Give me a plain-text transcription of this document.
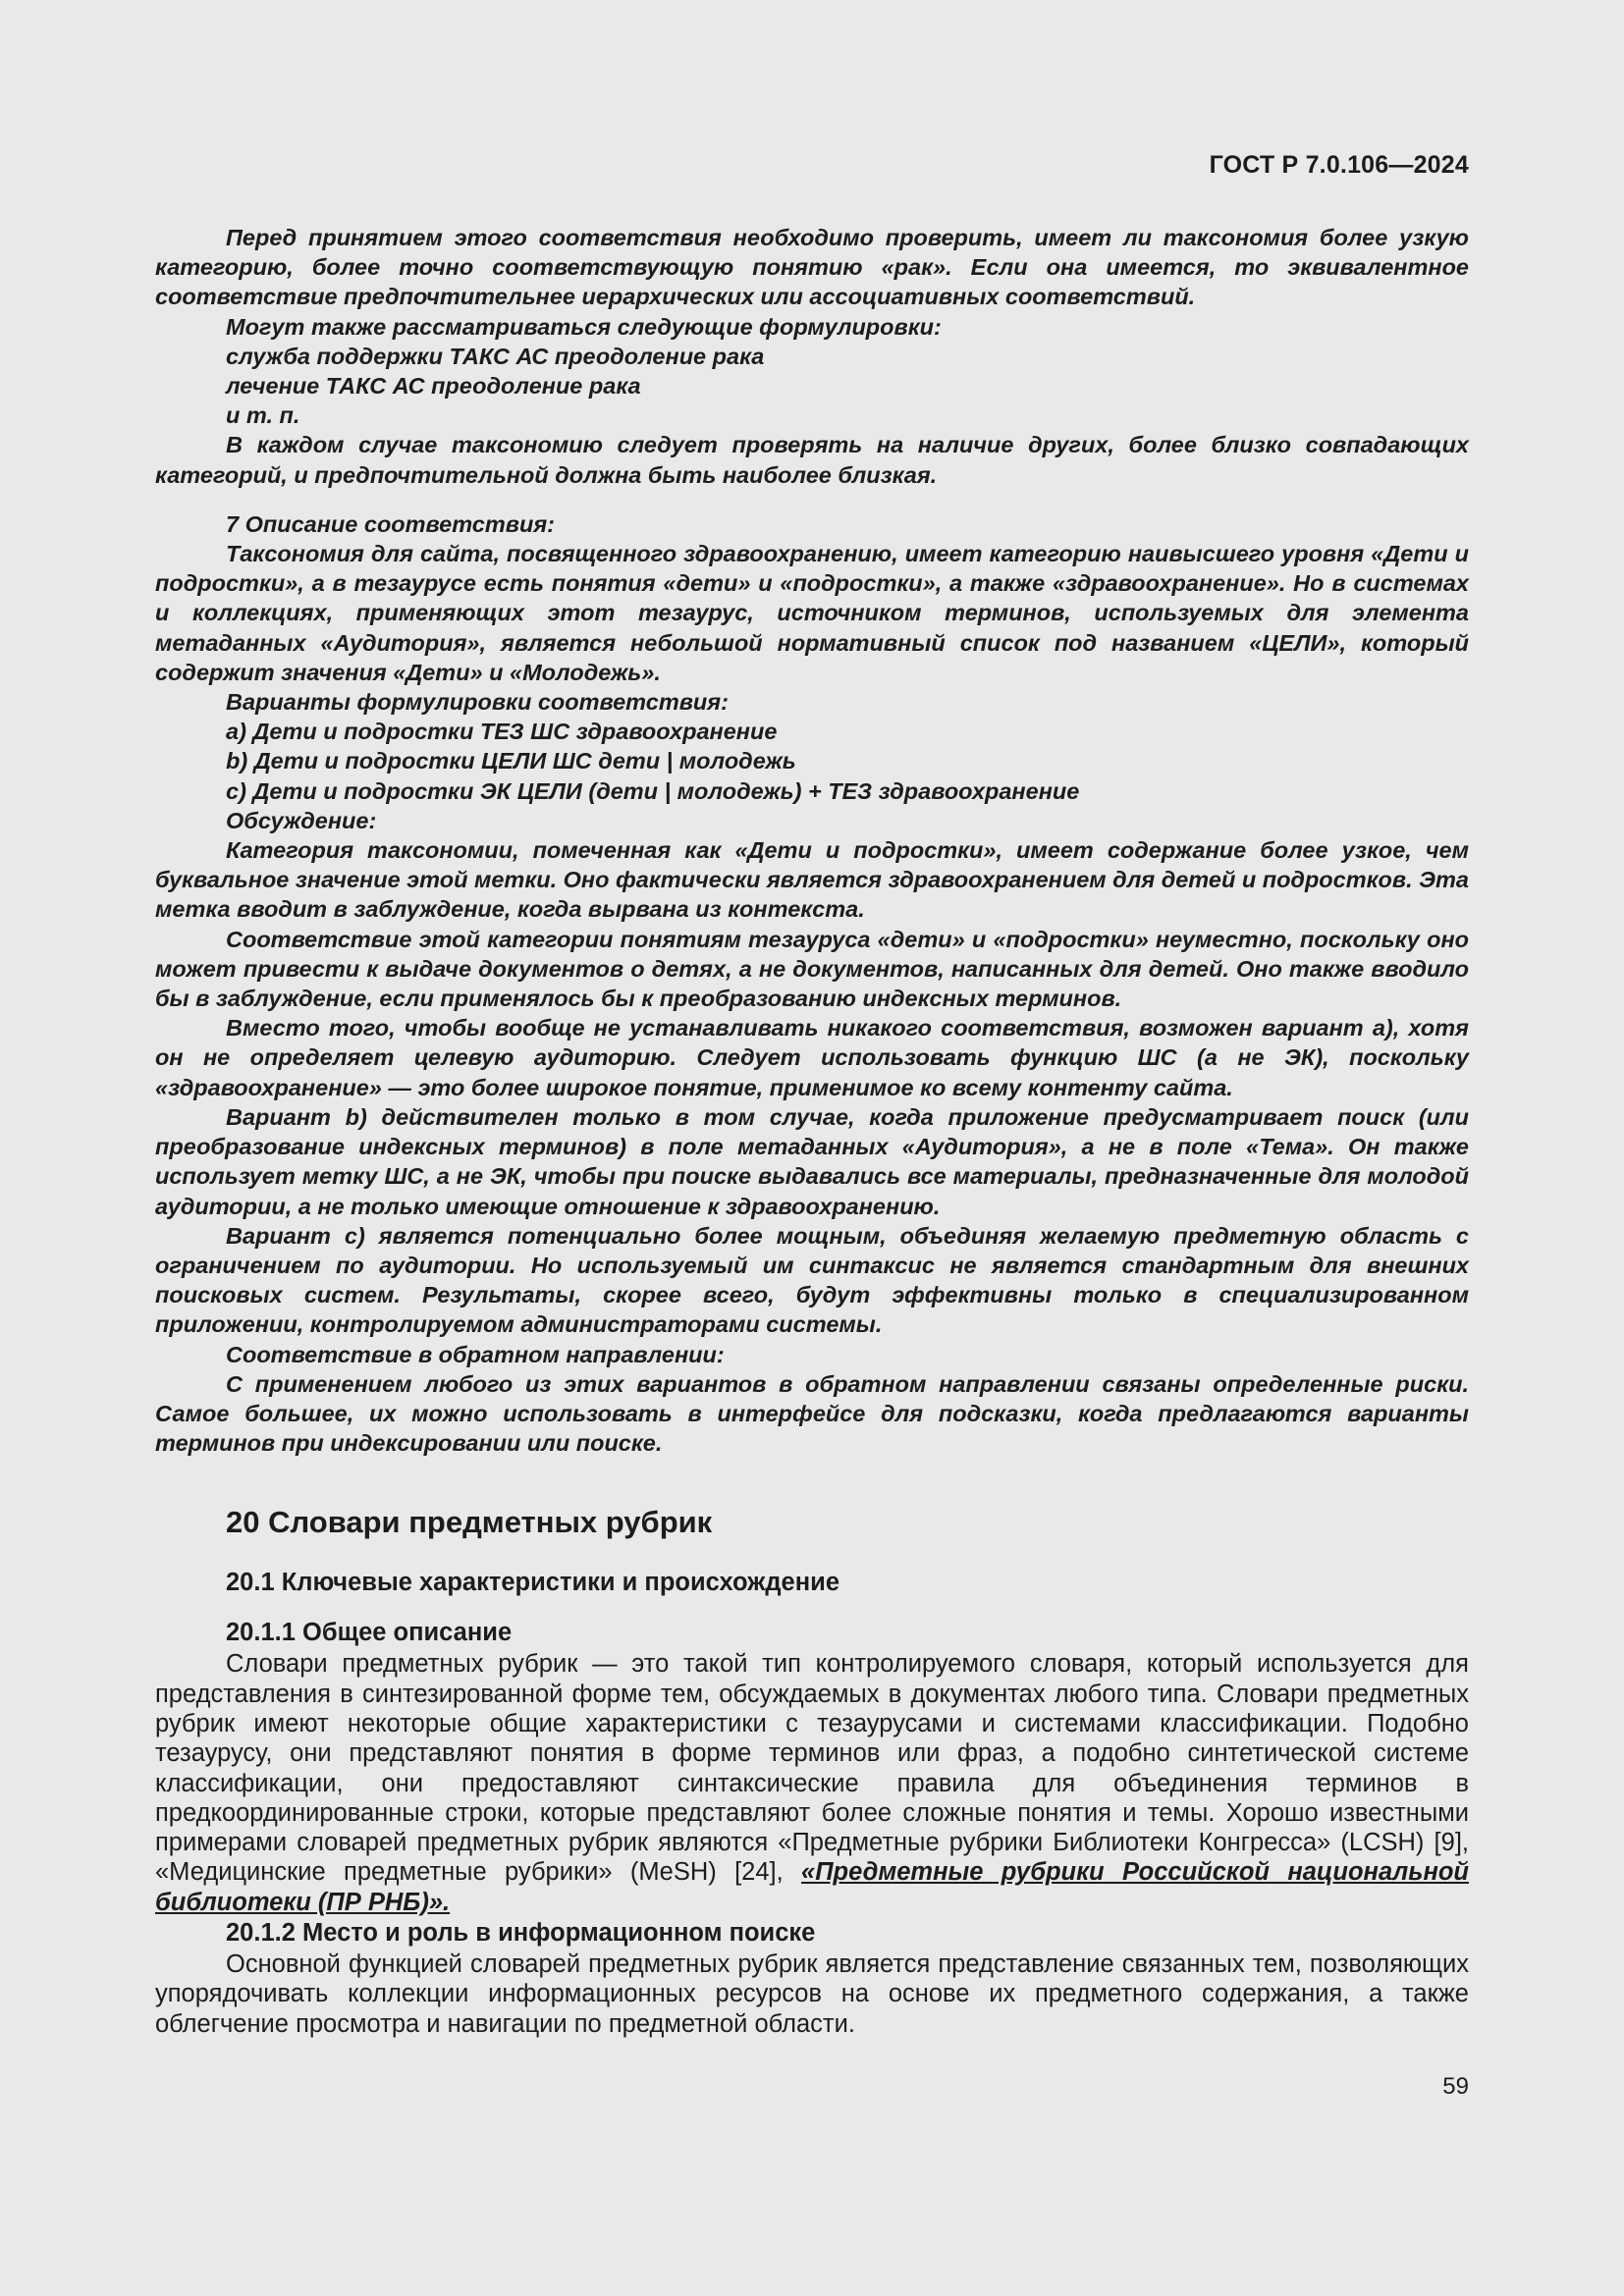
ГОСТ Р 7.0.106—2024

Перед принятием этого соответствия необходимо проверить, имеет ли таксономия более узкую категорию, более точно соответствующую понятию «рак». Если она имеется, то эквивалентное соответствие предпочтительнее иерархических или ассоциативных соответствий.

Могут также рассматриваться следующие формулировки:

служба поддержки ТАКС АС преодоление рака

лечение ТАКС АС преодоление рака

и т. п.

В каждом случае таксономию следует проверять на наличие других, более близко совпадающих категорий, и предпочтительной должна быть наиболее близкая.

7 Описание соответствия:

Таксономия для сайта, посвященного здравоохранению, имеет категорию наивысшего уровня «Дети и подростки», а в тезаурусе есть понятия «дети» и «подростки», а также «здравоохранение». Но в системах и коллекциях, применяющих этот тезаурус, источником терминов, используемых для элемента метаданных «Аудитория», является небольшой нормативный список под названием «ЦЕЛИ», который содержит значения «Дети» и «Молодежь».

Варианты формулировки соответствия:

a) Дети и подростки ТЕЗ ШС здравоохранение

b) Дети и подростки ЦЕЛИ ШС дети | молодежь

c) Дети и подростки ЭК ЦЕЛИ (дети | молодежь) + ТЕЗ здравоохранение

Обсуждение:

Категория таксономии, помеченная как «Дети и подростки», имеет содержание более узкое, чем буквальное значение этой метки. Оно фактически является здравоохранением для детей и подростков. Эта метка вводит в заблуждение, когда вырвана из контекста.

Соответствие этой категории понятиям тезауруса «дети» и «подростки» неуместно, поскольку оно может привести к выдаче документов о детях, а не документов, написанных для детей. Оно также вводило бы в заблуждение, если применялось бы к преобразованию индексных терминов.

Вместо того, чтобы вообще не устанавливать никакого соответствия, возможен вариант a), хотя он не определяет целевую аудиторию. Следует использовать функцию ШС (а не ЭК), поскольку «здравоохранение» — это более широкое понятие, применимое ко всему контенту сайта.

Вариант b) действителен только в том случае, когда приложение предусматривает поиск (или преобразование индексных терминов) в поле метаданных «Аудитория», а не в поле «Тема». Он также использует метку ШС, а не ЭК, чтобы при поиске выдавались все материалы, предназначенные для молодой аудитории, а не только имеющие отношение к здравоохранению.

Вариант c) является потенциально более мощным, объединяя желаемую предметную область с ограничением по аудитории. Но используемый им синтаксис не является стандартным для внешних поисковых систем. Результаты, скорее всего, будут эффективны только в специализированном приложении, контролируемом администраторами системы.

Соответствие в обратном направлении:

С применением любого из этих вариантов в обратном направлении связаны определенные риски. Самое большее, их можно использовать в интерфейсе для подсказки, когда предлагаются варианты терминов при индексировании или поиске.

20 Словари предметных рубрик
20.1 Ключевые характеристики и происхождение
20.1.1 Общее описание

Словари предметных рубрик — это такой тип контролируемого словаря, который используется для представления в синтезированной форме тем, обсуждаемых в документах любого типа. Словари предметных рубрик имеют некоторые общие характеристики с тезаурусами и системами классификации. Подобно тезаурусу, они представляют понятия в форме терминов или фраз, а подобно синтетической системе классификации, они предоставляют синтаксические правила для объединения терминов в предкоординированные строки, которые представляют более сложные понятия и темы. Хорошо известными примерами словарей предметных рубрик являются «Предметные рубрики Библиотеки Конгресса» (LCSH) [9], «Медицинские предметные рубрики» (MeSH) [24], «Предметные рубрики Российской национальной библиотеки (ПР РНБ)».

20.1.2 Место и роль в информационном поиске

Основной функцией словарей предметных рубрик является представление связанных тем, позволяющих упорядочивать коллекции информационных ресурсов на основе их предметного содержания, а также облегчение просмотра и навигации по предметной области.

59
